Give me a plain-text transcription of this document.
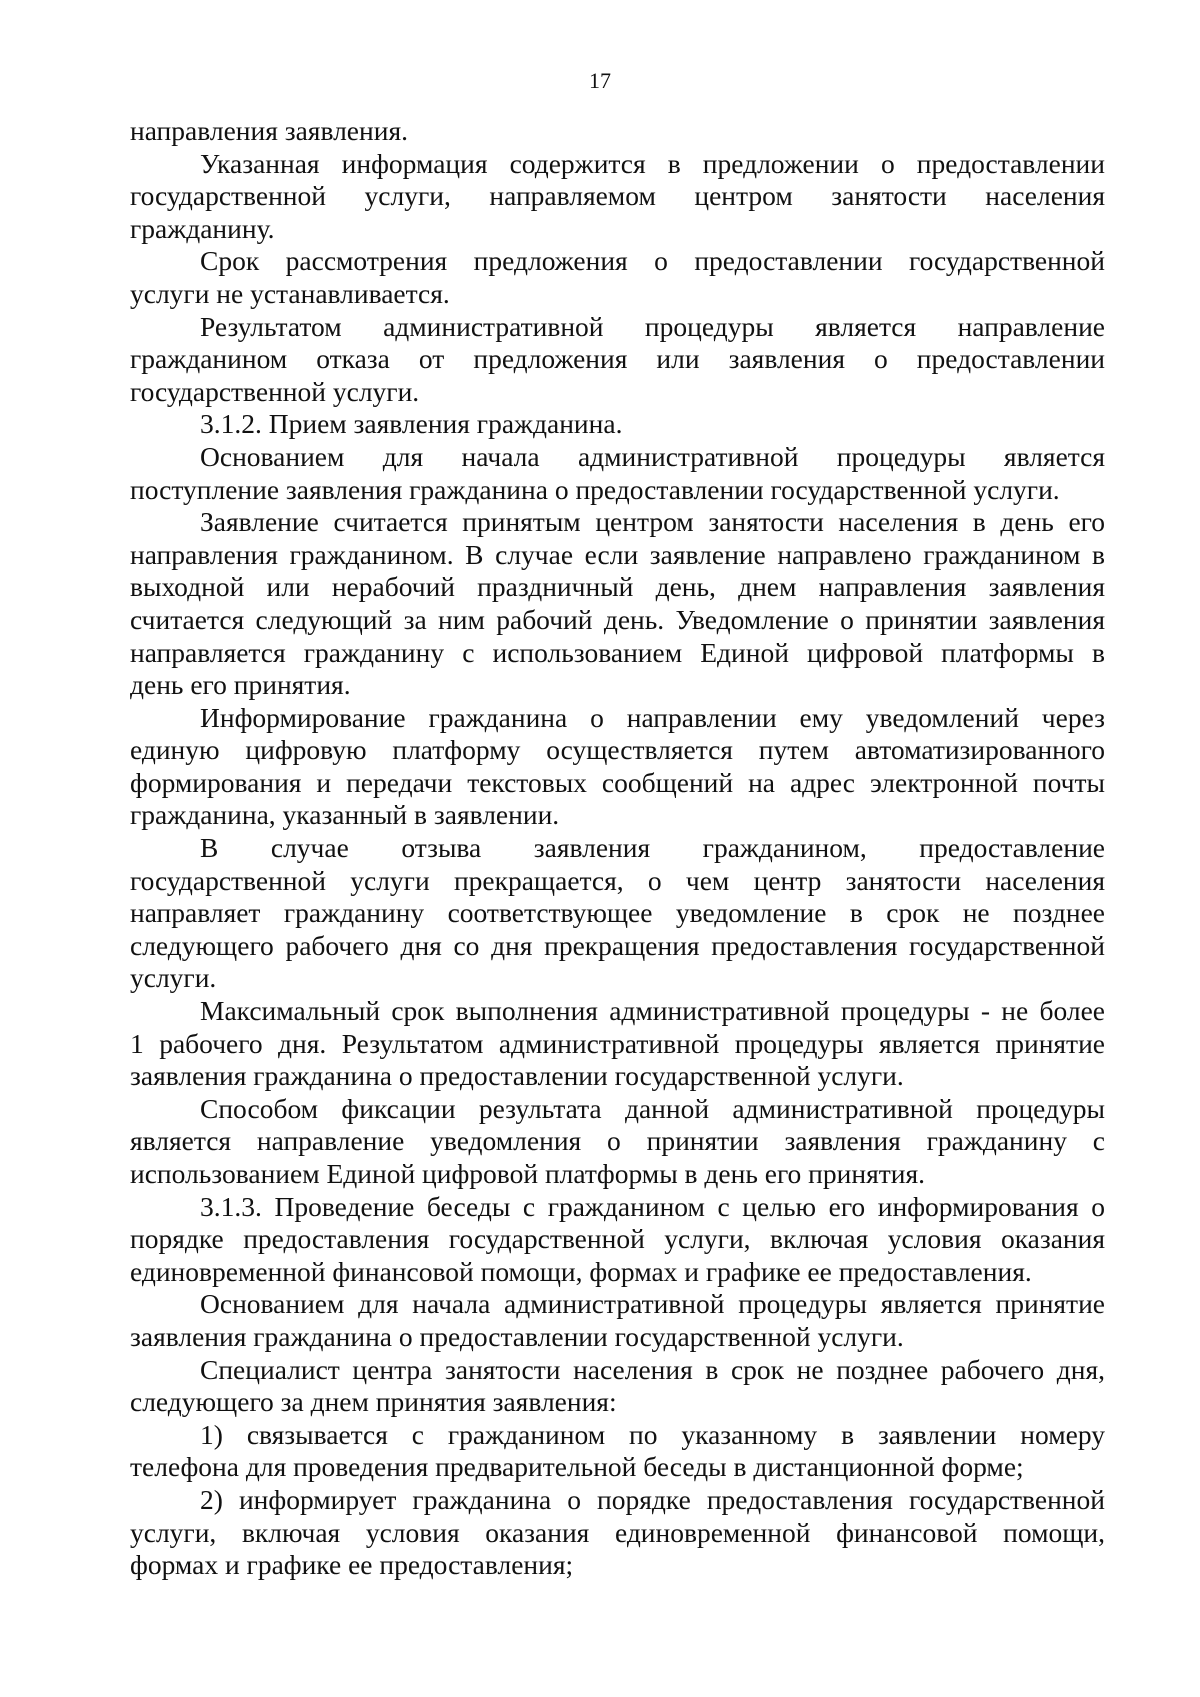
17
направления заявления.
Указанная информация содержится в предложении о предоставлении
государственной услуги, направляемом центром занятости населения
гражданину.
Срок рассмотрения предложения о предоставлении государственной
услуги не устанавливается.
Результатом административной процедуры является направление
гражданином отказа от предложения или заявления о предоставлении
государственной услуги.
3.1.2. Прием заявления гражданина.
Основанием для начала административной процедуры является
поступление заявления гражданина о предоставлении государственной услуги.
Заявление считается принятым центром занятости населения в день его
направления гражданином. В случае если заявление направлено гражданином в
выходной или нерабочий праздничный день, днем направления заявления
считается следующий за ним рабочий день. Уведомление о принятии заявления
направляется гражданину с использованием Единой цифровой платформы в
день его принятия.
Информирование гражданина о направлении ему уведомлений через
единую цифровую платформу осуществляется путем автоматизированного
формирования и передачи текстовых сообщений на адрес электронной почты
гражданина, указанный в заявлении.
В случае отзыва заявления гражданином, предоставление
государственной услуги прекращается, о чем центр занятости населения
направляет гражданину соответствующее уведомление в срок не позднее
следующего рабочего дня со дня прекращения предоставления государственной
услуги.
Максимальный срок выполнения административной процедуры - не более
1 рабочего дня. Результатом административной процедуры является принятие
заявления гражданина о предоставлении государственной услуги.
Способом фиксации результата данной административной процедуры
является направление уведомления о принятии заявления гражданину с
использованием Единой цифровой платформы в день его принятия.
3.1.3. Проведение беседы с гражданином с целью его информирования о
порядке предоставления государственной услуги, включая условия оказания
единовременной финансовой помощи, формах и графике ее предоставления.
Основанием для начала административной процедуры является принятие
заявления гражданина о предоставлении государственной услуги.
Специалист центра занятости населения в срок не позднее рабочего дня,
следующего за днем принятия заявления:
1) связывается с гражданином по указанному в заявлении номеру
телефона для проведения предварительной беседы в дистанционной форме;
2) информирует гражданина о порядке предоставления государственной
услуги, включая условия оказания единовременной финансовой помощи,
формах и графике ее предоставления;
